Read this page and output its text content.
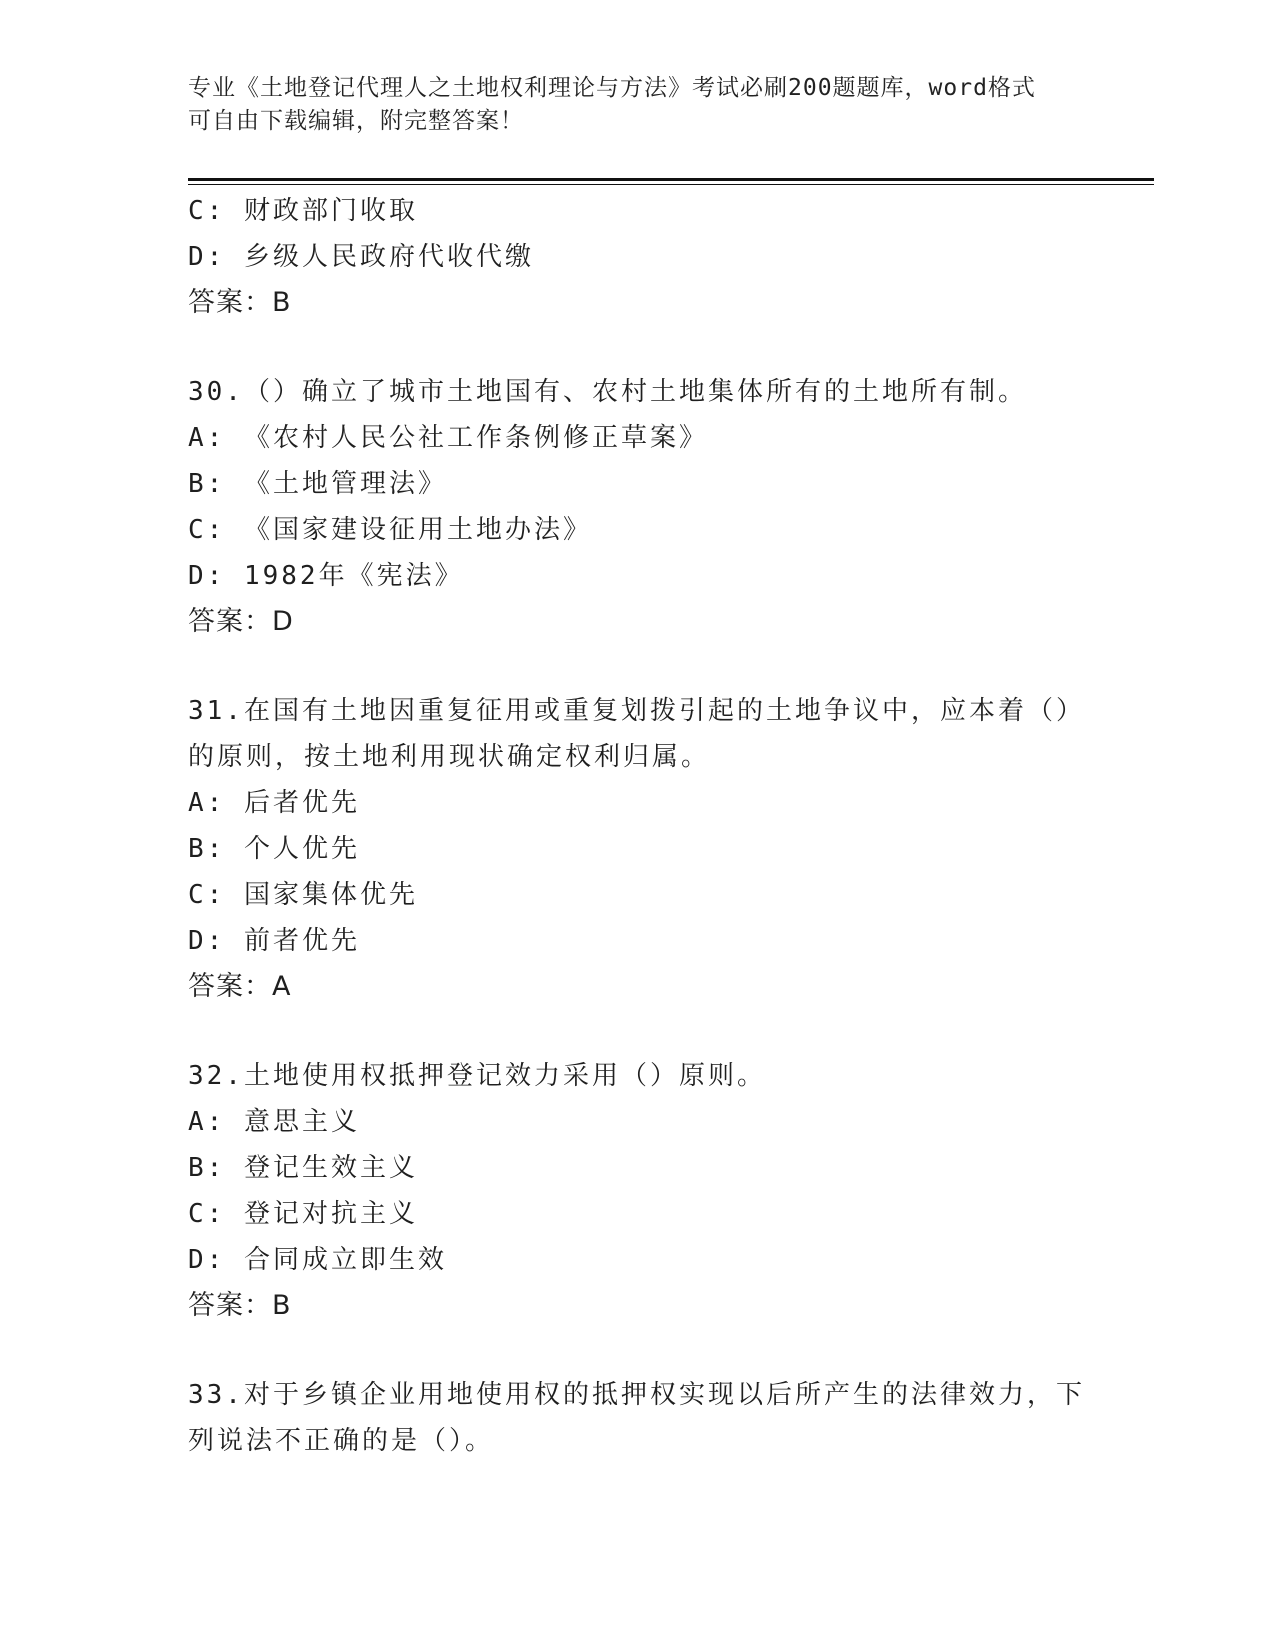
专业《土地登记代理人之土地权利理论与方法》考试必刷200题题库，word格式
可自由下载编辑，附完整答案！
C: 财政部门收取
D: 乡级人民政府代收代缴
答案：B
30.（）确立了城市土地国有、农村土地集体所有的土地所有制。
A: 《农村人民公社工作条例修正草案》
B: 《土地管理法》
C: 《国家建设征用土地办法》
D: 1982年《宪法》
答案：D
31.在国有土地因重复征用或重复划拨引起的土地争议中，应本着（）
的原则，按土地利用现状确定权利归属。
A: 后者优先
B: 个人优先
C: 国家集体优先
D: 前者优先
答案：A
32.土地使用权抵押登记效力采用（）原则。
A: 意思主义
B: 登记生效主义
C: 登记对抗主义
D: 合同成立即生效
答案：B
33.对于乡镇企业用地使用权的抵押权实现以后所产生的法律效力，下
列说法不正确的是（）。
